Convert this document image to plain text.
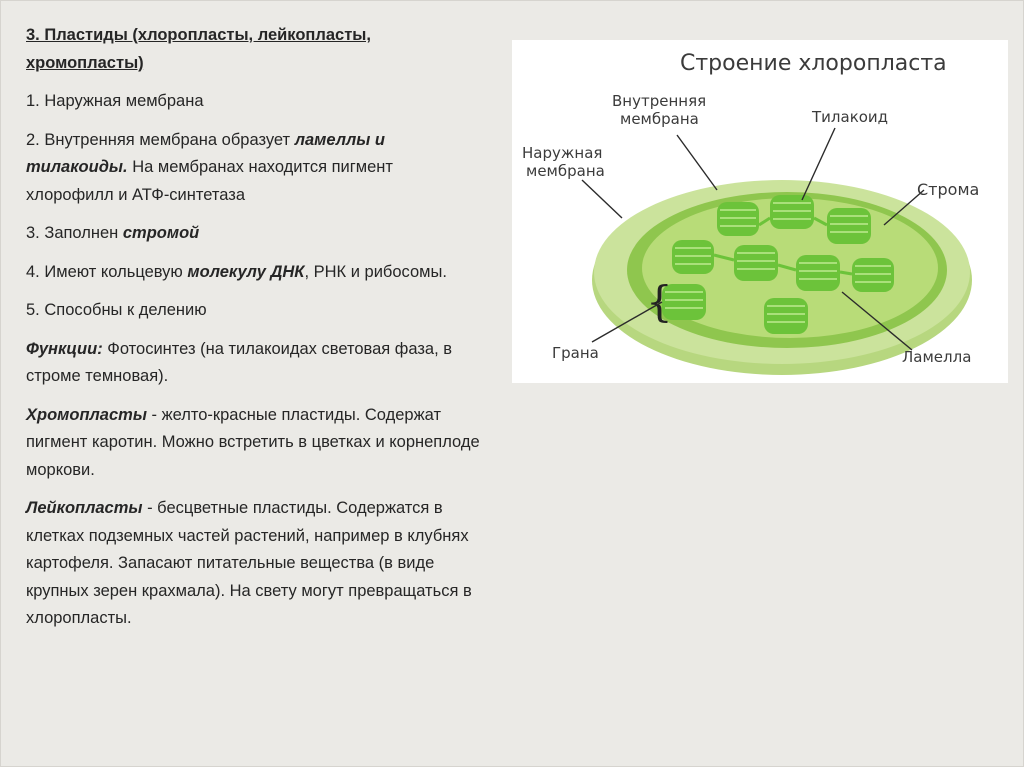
3. Пластиды (хлоропласты, лейкопласты, хромопласты)

1. Наружная мембрана

2. Внутренняя мембрана образует ламеллы и тилакоиды. На мембранах находится пигмент хлорофилл и АТФ-синтетаза

3. Заполнен стромой

4. Имеют кольцевую молекулу ДНК, РНК и рибосомы.

5. Способны к делению

Функции: Фотосинтез (на тилакоидах световая фаза, в строме темновая).

Хромопласты - желто-красные пластиды. Содержат пигмент каротин. Можно встретить в цветках и корнеплоде моркови.

Лейкопласты - бесцветные пластиды. Содержатся в клетках подземных частей растений, например в клубнях картофеля. Запасают питательные вещества (в виде крупных зерен крахмала). На свету могут превращаться в хлоропласты.

Строение хлоропласта
{
Внутренняя
мембрана
Наружная
мембрана
Тилакоид
Строма
Грана	Ламелла
